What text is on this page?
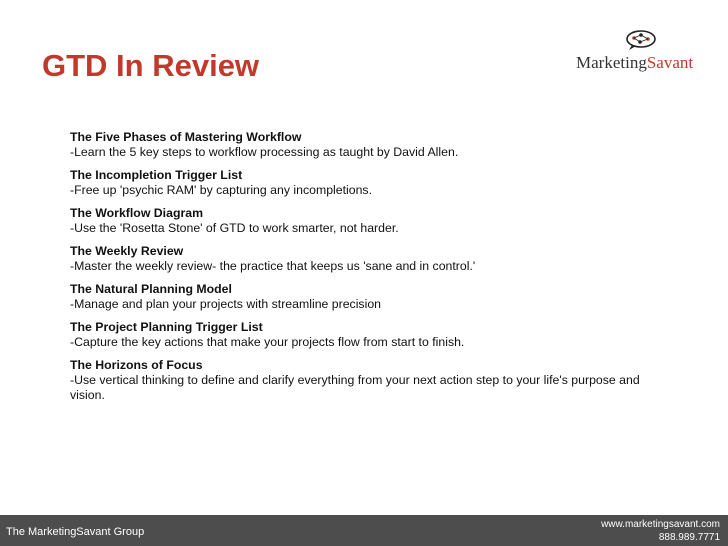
GTD In Review	MarketingSavant
The Five Phases of Mastering Workflow
-Learn the 5 key steps to workflow processing as taught by David Allen.
The Incompletion Trigger List
-Free up 'psychic RAM' by capturing any incompletions.
The Workflow Diagram
-Use the 'Rosetta Stone' of GTD to work smarter, not harder.
The Weekly Review
-Master the weekly review- the practice that keeps us 'sane and in control.'
The Natural Planning Model
-Manage and plan your projects with streamline precision
The Project Planning Trigger List
-Capture the key actions that make your projects flow from start to finish.
The Horizons of Focus
-Use vertical thinking to define and clarify everything from your next action step to your life's purpose and vision.
The MarketingSavant Group
www.marketingsavant.com
888.989.7771
